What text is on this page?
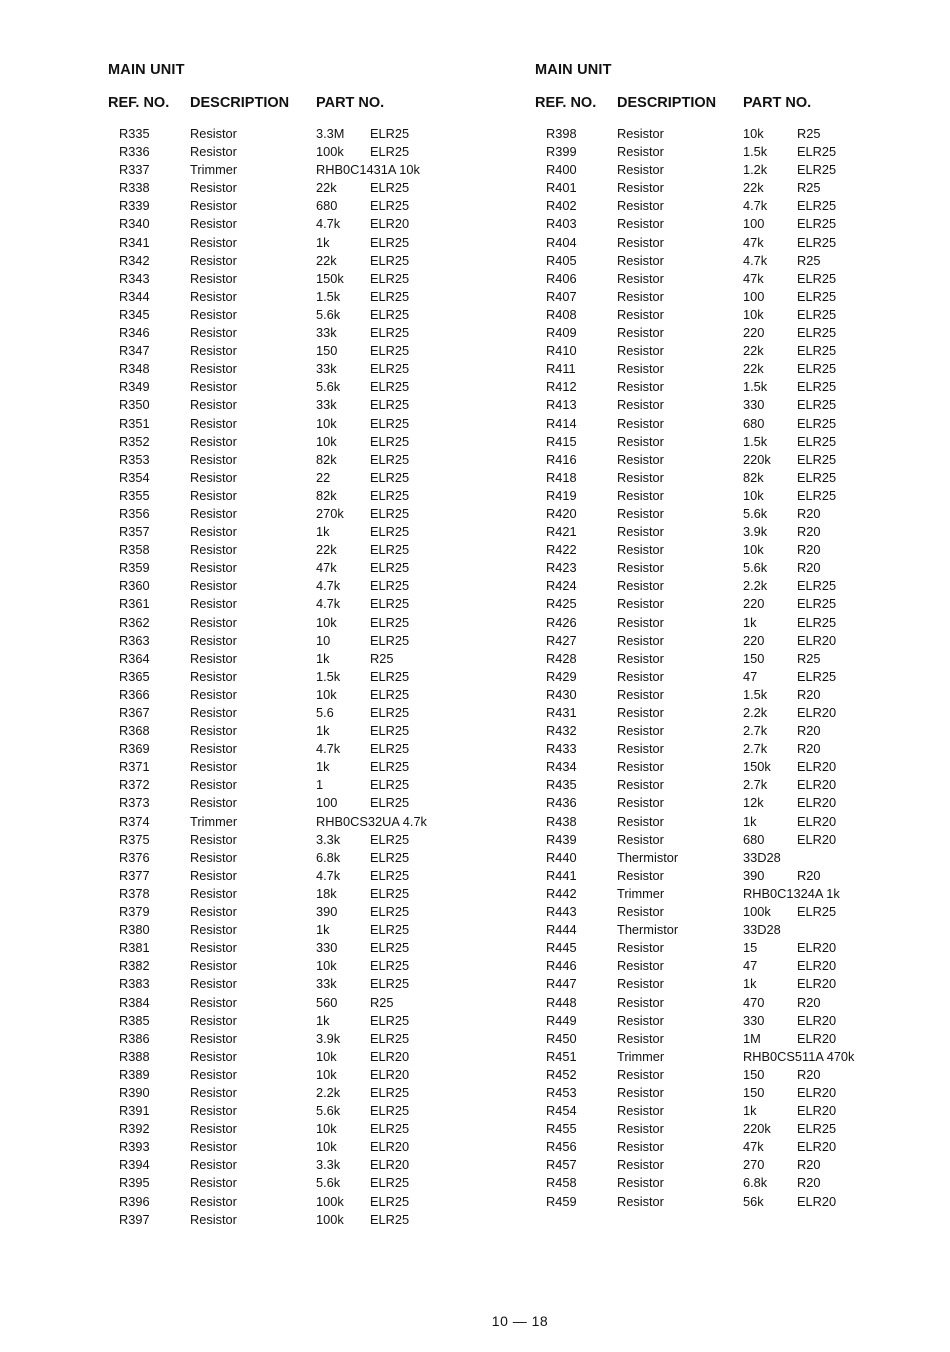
MAIN UNIT
REF. NO. DESCRIPTION PART NO.
R335	Resistor	3.3M ELR25
R336	Resistor	100k ELR25
R337	Trimmer	RHB0C1431A 10k
R338	Resistor	22k	ELR25
R339	Resistor	680	ELR25
R340	Resistor	4.7k ELR20
R341	Resistor	1k	ELR25
R342	Resistor	22k	ELR25
R343	Resistor	150k ELR25
R344	Resistor	1.5k ELR25
R345	Resistor	5.6k ELR25
R346	Resistor	33k	ELR25
R347	Resistor	150	ELR25
R348	Resistor	33k	ELR25
R349	Resistor	5.6k ELR25
R350	Resistor	33k	ELR25
R351	Resistor	10k	ELR25
R352	Resistor	10k	ELR25
R353	Resistor	82k	ELR25
R354	Resistor	22	ELR25
R355	Resistor	82k	ELR25
R356	Resistor	270k ELR25
R357	Resistor	1k	ELR25
R358	Resistor	22k	ELR25
R359	Resistor	47k	ELR25
R360	Resistor	4.7k ELR25
R361	Resistor	4.7k ELR25
R362	Resistor	10k	ELR25
R363	Resistor	10	ELR25
R364	Resistor	1k	R25
R365	Resistor	1.5k ELR25
R366	Resistor	10k	ELR25
R367	Resistor	5.6	ELR25
R368	Resistor	1k	ELR25
R369	Resistor	4.7k ELR25
R371	Resistor	1k	ELR25
R372	Resistor	1	ELR25
R373	Resistor	100	ELR25
R374	Trimmer	RHB0CS32UA 4.7k
R375	Resistor	3.3k ELR25
R376	Resistor	6.8k ELR25
R377	Resistor	4.7k ELR25
R378	Resistor	18k	ELR25
R379	Resistor	390	ELR25
R380	Resistor	1k	ELR25
R381	Resistor	330	ELR25
R382	Resistor	10k	ELR25
R383	Resistor	33k	ELR25
R384	Resistor	560	R25
R385	Resistor	1k	ELR25
R386	Resistor	3.9k ELR25
R388	Resistor	10k	ELR20
R389	Resistor	10k	ELR20
R390	Resistor	2.2k ELR25
R391	Resistor	5.6k ELR25
R392	Resistor	10k	ELR25
R393	Resistor	10k	ELR20
R394	Resistor	3.3k ELR20
R395	Resistor	5.6k ELR25
R396	Resistor	100k ELR25
R397	Resistor	100k ELR25
MAIN UNIT
REF. NO. DESCRIPTION PART NO.
R398	Resistor	10k	R25
R399	Resistor	1.5k ELR25
R400	Resistor	1.2k ELR25
R401	Resistor	22k	R25
R402	Resistor	4.7k ELR25
R403	Resistor	100	ELR25
R404	Resistor	47k	ELR25
R405	Resistor	4.7k R25
R406	Resistor	47k	ELR25
R407	Resistor	100	ELR25
R408	Resistor	10k	ELR25
R409	Resistor	220	ELR25
R410	Resistor	22k	ELR25
R411	Resistor	22k	ELR25
R412	Resistor	1.5k ELR25
R413	Resistor	330	ELR25
R414	Resistor	680	ELR25
R415	Resistor	1.5k ELR25
R416	Resistor	220k ELR25
R418	Resistor	82k	ELR25
R419	Resistor	10k	ELR25
R420	Resistor	5.6k R20
R421	Resistor	3.9k R20
R422	Resistor	10k	R20
R423	Resistor	5.6k R20
R424	Resistor	2.2k ELR25
R425	Resistor	220	ELR25
R426	Resistor	1k	ELR25
R427	Resistor	220	ELR20
R428	Resistor	150	R25
R429	Resistor	47	ELR25
R430	Resistor	1.5k R20
R431	Resistor	2.2k ELR20
R432	Resistor	2.7k R20
R433	Resistor	2.7k R20
R434	Resistor	150k ELR20
R435	Resistor	2.7k ELR20
R436	Resistor	12k	ELR20
R438	Resistor	1k	ELR20
R439	Resistor	680	ELR20
R440	Thermistor	33D28
R441	Resistor	390	R20
R442	Trimmer	RHB0C1324A 1k
R443	Resistor	100k ELR25
R444	Thermistor	33D28
R445	Resistor	15	ELR20
R446	Resistor	47	ELR20
R447	Resistor	1k	ELR20
R448	Resistor	470	R20
R449	Resistor	330	ELR20
R450	Resistor	1M	ELR20
R451	Trimmer	RHB0CS511A 470k
R452	Resistor	150	R20
R453	Resistor	150	ELR20
R454	Resistor	1k	ELR20
R455	Resistor	220k ELR25
R456	Resistor	47k	ELR20
R457	Resistor	270	R20
R458	Resistor	6.8k R20
R459	Resistor	56k	ELR20
10 — 18
